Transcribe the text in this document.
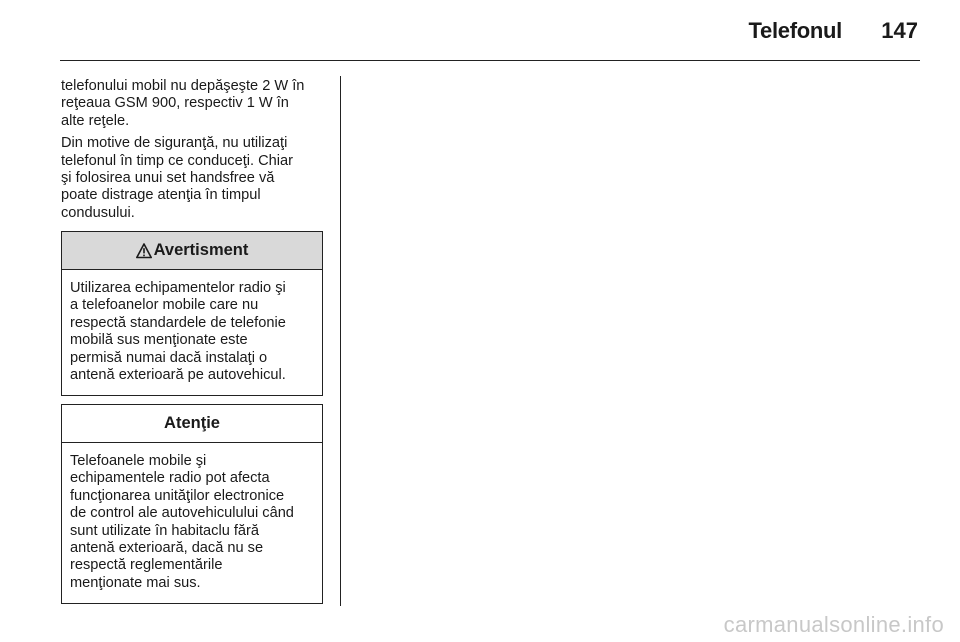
Telefonul 147

telefonului mobil nu depăşeşte 2 W în
reţeaua GSM 900, respectiv 1 W în
alte reţele.

Din motive de siguranţă, nu utilizaţi
telefonul în timp ce conduceţi. Chiar
şi folosirea unui set handsfree vă
poate distrage atenţia în timpul
condusului.

Avertisment
Utilizarea echipamentelor radio şi
a telefoanelor mobile care nu
respectă standardele de telefonie
mobilă sus menţionate este
permisă numai dacă instalaţi o
antenă exterioară pe autovehicul.
Atenţie
Telefoanele mobile şi
echipamentele radio pot afecta
funcţionarea unităţilor electronice
de control ale autovehiculului când
sunt utilizate în habitaclu fără
antenă exterioară, dacă nu se
respectă reglementările
menţionate mai sus.
carmanualsonline.info
